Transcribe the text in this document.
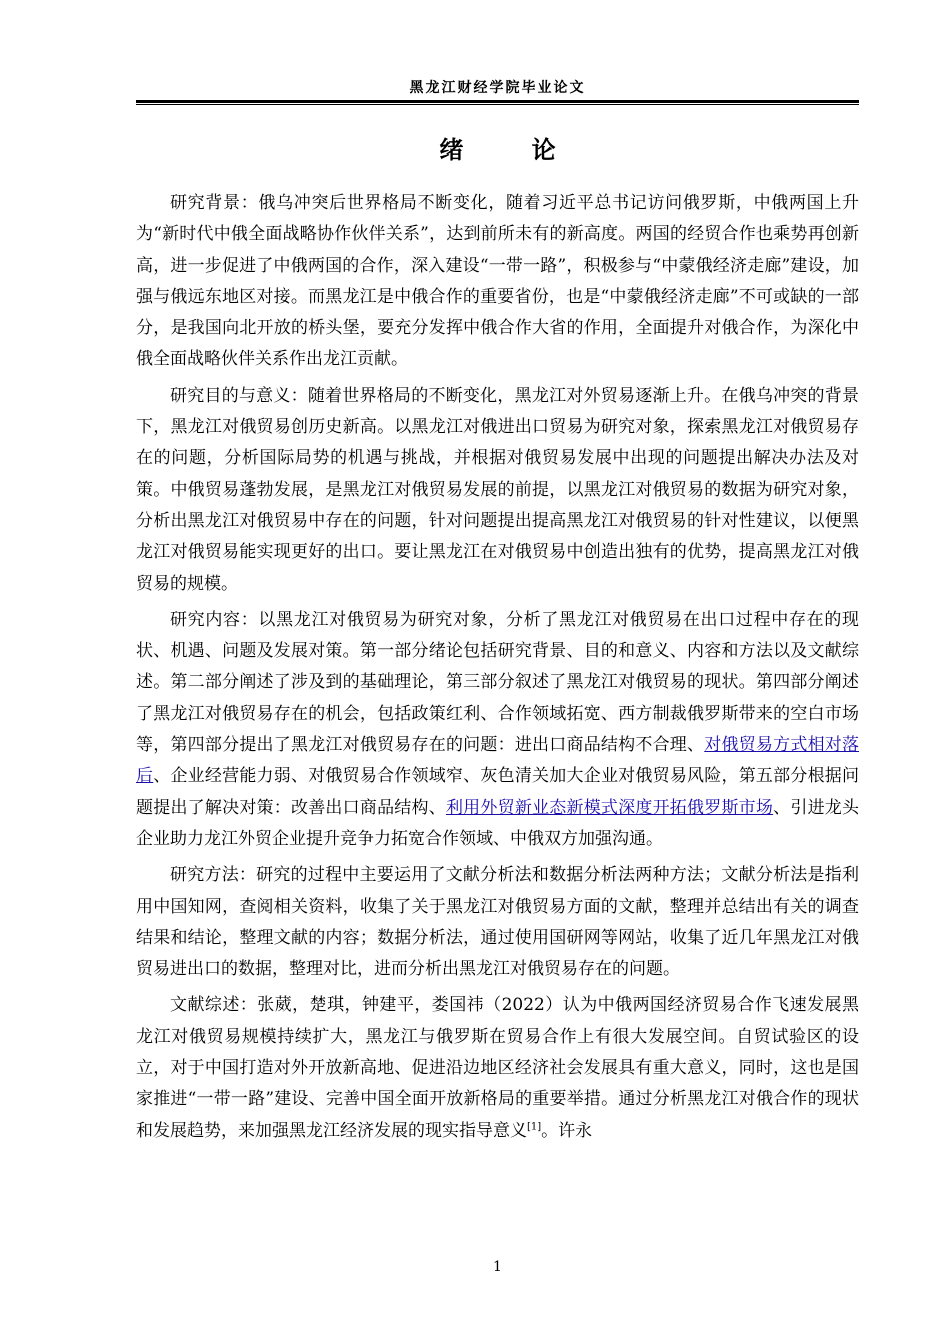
黑龙江财经学院毕业论文
绪 论

研究背景：俄乌冲突后世界格局不断变化，随着习近平总书记访问俄罗斯，中俄两国上升为“新时代中俄全面战略协作伙伴关系”，达到前所未有的新高度。两国的经贸合作也乘势再创新高，进一步促进了中俄两国的合作，深入建设“一带一路”，积极参与“中蒙俄经济走廊”建设，加强与俄远东地区对接。而黑龙江是中俄合作的重要省份，也是“中蒙俄经济走廊”不可或缺的一部分，是我国向北开放的桥头堡，要充分发挥中俄合作大省的作用，全面提升对俄合作，为深化中俄全面战略伙伴关系作出龙江贡献。

研究目的与意义：随着世界格局的不断变化，黑龙江对外贸易逐渐上升。在俄乌冲突的背景下，黑龙江对俄贸易创历史新高。以黑龙江对俄进出口贸易为研究对象，探索黑龙江对俄贸易存在的问题，分析国际局势的机遇与挑战，并根据对俄贸易发展中出现的问题提出解决办法及对策。中俄贸易蓬勃发展，是黑龙江对俄贸易发展的前提，以黑龙江对俄贸易的数据为研究对象，分析出黑龙江对俄贸易中存在的问题，针对问题提出提高黑龙江对俄贸易的针对性建议，以便黑龙江对俄贸易能实现更好的出口。要让黑龙江在对俄贸易中创造出独有的优势，提高黑龙江对俄贸易的规模。

研究内容：以黑龙江对俄贸易为研究对象，分析了黑龙江对俄贸易在出口过程中存在的现状、机遇、问题及发展对策。第一部分绪论包括研究背景、目的和意义、内容和方法以及文献综述。第二部分阐述了涉及到的基础理论，第三部分叙述了黑龙江对俄贸易的现状。第四部分阐述了黑龙江对俄贸易存在的机会，包括政策红利、合作领域拓宽、西方制裁俄罗斯带来的空白市场等，第四部分提出了黑龙江对俄贸易存在的问题：进出口商品结构不合理、对俄贸易方式相对落后、企业经营能力弱、对俄贸易合作领域窄、灰色清关加大企业对俄贸易风险，第五部分根据问题提出了解决对策：改善出口商品结构、利用外贸新业态新模式深度开拓俄罗斯市场、引进龙头企业助力龙江外贸企业提升竞争力拓宽合作领域、中俄双方加强沟通。

研究方法：研究的过程中主要运用了文献分析法和数据分析法两种方法；文献分析法是指利用中国知网，查阅相关资料，收集了关于黑龙江对俄贸易方面的文献，整理并总结出有关的调查结果和结论，整理文献的内容；数据分析法，通过使用国研网等网站，收集了近几年黑龙江对俄贸易进出口的数据，整理对比，进而分析出黑龙江对俄贸易存在的问题。

文献综述：张葳，楚琪，钟建平，娄国祎（2022）认为中俄两国经济贸易合作飞速发展黑龙江对俄贸易规模持续扩大，黑龙江与俄罗斯在贸易合作上有很大发展空间。自贸试验区的设立，对于中国打造对外开放新高地、促进沿边地区经济社会发展具有重大意义，同时，这也是国家推进“一带一路”建设、完善中国全面开放新格局的重要举措。通过分析黑龙江对俄合作的现状和发展趋势，来加强黑龙江经济发展的现实指导意义[1]。许永

1
